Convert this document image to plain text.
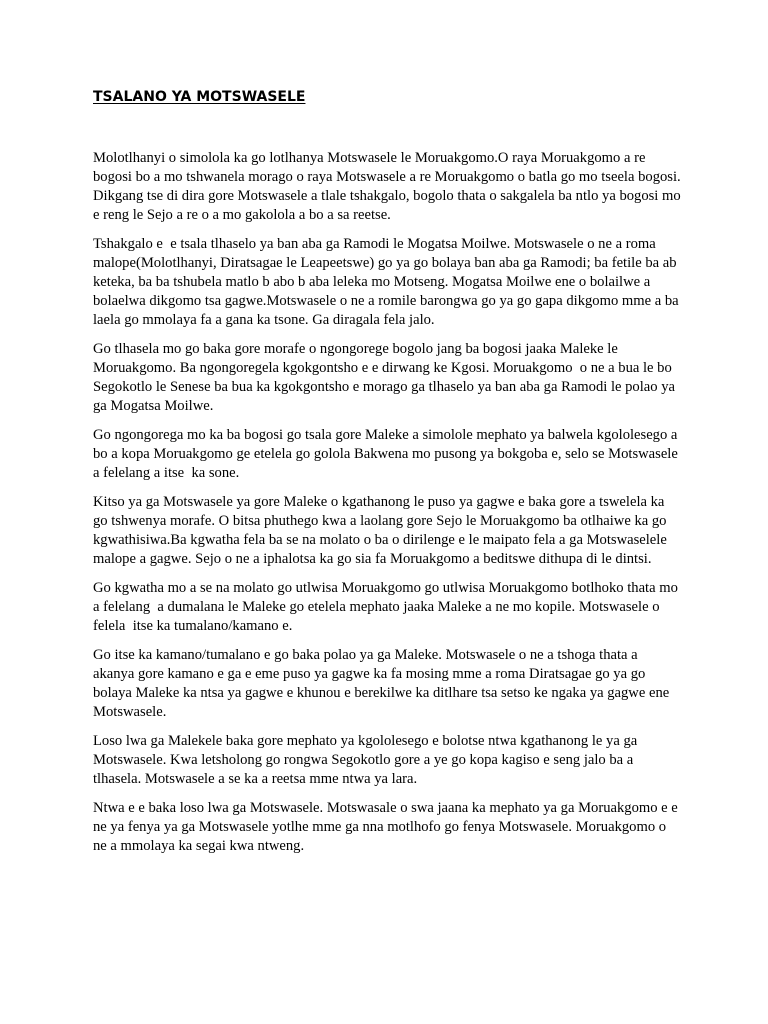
TSALANO YA MOTSWASELE

Molotlhanyi o simolola ka go lotlhanya Motswasele le Moruakgomo.O raya Moruakgomo a re bogosi bo a mo tshwanela morago o raya Motswasele a re Moruakgomo o batla go mo tseela bogosi. Dikgang tse di dira gore Motswasele a tlale tshakgalo, bogolo thata o sakgalela ba ntlo ya bogosi mo e reng le Sejo a re o a mo gakolola a bo a sa reetse.

Tshakgalo e  e tsala tlhaselo ya ban aba ga Ramodi le Mogatsa Moilwe. Motswasele o ne a roma malope(Molotlhanyi, Diratsagae le Leapeetswe) go ya go bolaya ban aba ga Ramodi; ba fetile ba ab keteka, ba ba tshubela matlo b abo b aba leleka mo Motseng. Mogatsa Moilwe ene o bolailwe a bolaelwa dikgomo tsa gagwe.Motswasele o ne a romile barongwa go ya go gapa dikgomo mme a ba laela go mmolaya fa a gana ka tsone. Ga diragala fela jalo.

Go tlhasela mo go baka gore morafe o ngongorege bogolo jang ba bogosi jaaka Maleke le Moruakgomo. Ba ngongoregela kgokgontsho e e dirwang ke Kgosi. Moruakgomo  o ne a bua le bo Segokotlo le Senese ba bua ka kgokgontsho e morago ga tlhaselo ya ban aba ga Ramodi le polao ya ga Mogatsa Moilwe.

Go ngongorega mo ka ba bogosi go tsala gore Maleke a simolole mephato ya balwela kgololesego a bo a kopa Moruakgomo ge etelela go golola Bakwena mo pusong ya bokgoba e, selo se Motswasele a felelang a itse  ka sone.

Kitso ya ga Motswasele ya gore Maleke o kgathanong le puso ya gagwe e baka gore a tswelela ka go tshwenya morafe. O bitsa phuthego kwa a laolang gore Sejo le Moruakgomo ba otlhaiwe ka go kgwathisiwa.Ba kgwatha fela ba se na molato o ba o dirilenge e le maipato fela a ga Motswaselele malope a gagwe. Sejo o ne a iphalotsa ka go sia fa Moruakgomo a beditswe dithupa di le dintsi.

Go kgwatha mo a se na molato go utlwisa Moruakgomo go utlwisa Moruakgomo botlhoko thata mo a felelang  a dumalana le Maleke go etelela mephato jaaka Maleke a ne mo kopile. Motswasele o felela  itse ka tumalano/kamano e.

Go itse ka kamano/tumalano e go baka polao ya ga Maleke. Motswasele o ne a tshoga thata a akanya gore kamano e ga e eme puso ya gagwe ka fa mosing mme a roma Diratsagae go ya go bolaya Maleke ka ntsa ya gagwe e khunou e berekilwe ka ditlhare tsa setso ke ngaka ya gagwe ene Motswasele.

Loso lwa ga Malekele baka gore mephato ya kgololesego e bolotse ntwa kgathanong le ya ga Motswasele. Kwa letsholong go rongwa Segokotlo gore a ye go kopa kagiso e seng jalo ba a tlhasela. Motswasele a se ka a reetsa mme ntwa ya lara.

Ntwa e e baka loso lwa ga Motswasele. Motswasale o swa jaana ka mephato ya ga Moruakgomo e e ne ya fenya ya ga Motswasele yotlhe mme ga nna motlhofo go fenya Motswasele. Moruakgomo o ne a mmolaya ka segai kwa ntweng.
